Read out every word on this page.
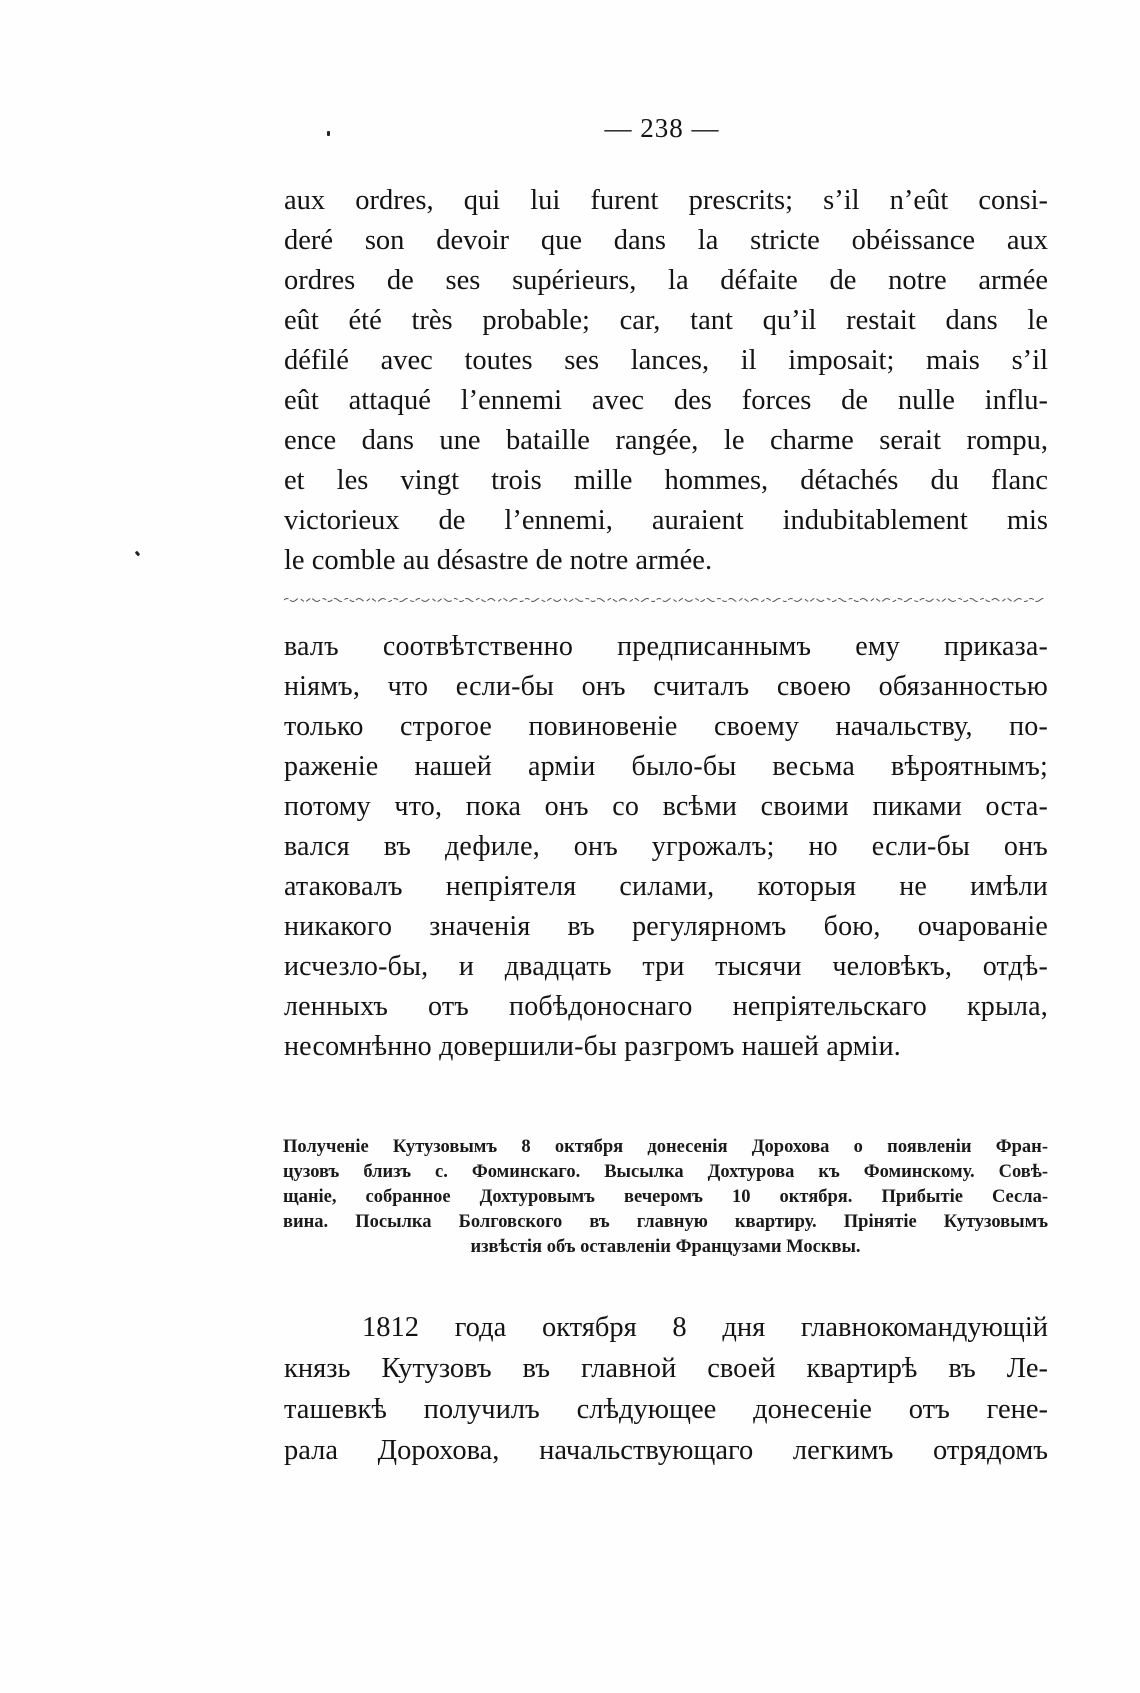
— 238 —
aux ordres, qui lui furent prescrits; s’il n’eût consi-
deré son devoir que dans la stricte obéissance aux
ordres de ses supérieurs, la défaite de notre armée
eût été très probable; car, tant qu’il restait dans le
défilé avec toutes ses lances, il imposait; mais s’il
eût attaqué l’ennemi avec des forces de nulle influ-
ence dans une bataille rangée, le charme serait rompu,
et les vingt trois mille hommes, détachés du flanc
victorieux de l’ennemi, auraient indubitablement mis
le comble au désastre de notre armée.
валъ соотвѣтственно предписаннымъ ему приказа-
нiямъ, что если-бы онъ считалъ своею обязанностью
только строгое повиновенiе своему начальству, по-
раженiе нашей армiи было-бы весьма вѣроятнымъ;
потому что, пока онъ со всѣми своими пиками оста-
вался въ дефиле, онъ угрожалъ; но если-бы онъ
атаковалъ непрiятеля силами, которыя не имѣли
никакого значенiя въ регулярномъ бою, очарованiе
исчезло-бы, и двадцать три тысячи человѣкъ, отдѣ-
ленныхъ отъ побѣдоноснаго непрiятельскаго крыла,
несомнѣнно довершили-бы разгромъ нашей армiи.
Полученiе Кутузовымъ 8 октября донесенiя Дорохова о появленiи Фран-
цузовъ близъ с. Фоминскаго. Высылка Дохтурова къ Фоминскому. Совѣ-
щанiе, собранное Дохтуровымъ вечеромъ 10 октября. Прибытiе Сесла-
вина. Посылка Болговского въ главную квартиру. Прiнятiе Кутузовымъ
извѣстiя объ оставленiи Французами Москвы.
1812 года октября 8 дня главнокомандующiй
князь Кутузовъ въ главной своей квартирѣ въ Ле-
ташевкѣ получилъ слѣдующее донесенiе отъ гене-
рала Дорохова, начальствующаго легкимъ отрядомъ
